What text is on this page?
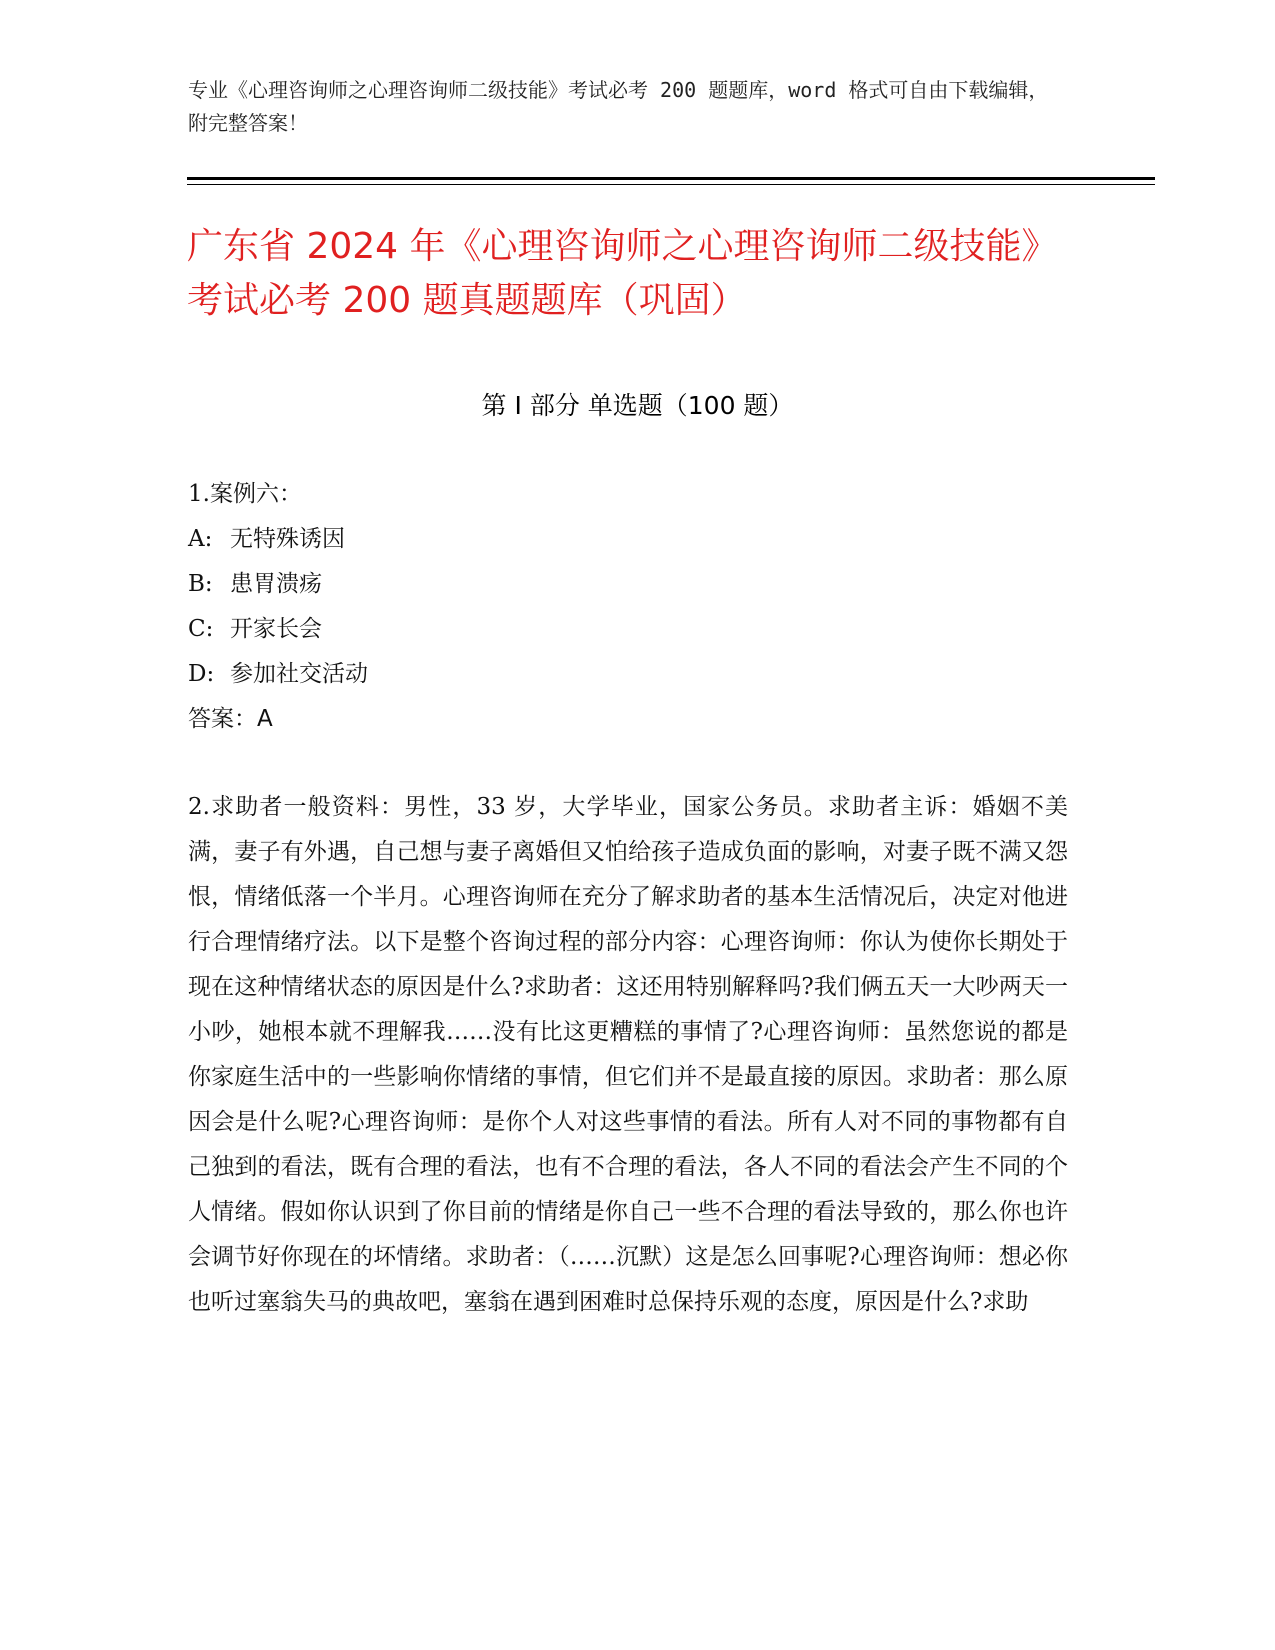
专业《心理咨询师之心理咨询师二级技能》考试必考 200 题题库，word 格式可自由下载编辑，附完整答案！
广东省 2024 年《心理咨询师之心理咨询师二级技能》考试必考 200 题真题题库（巩固）
第 I 部分 单选题（100 题）
1.案例六：
A: 无特殊诱因
B: 患胃溃疡
C: 开家长会
D: 参加社交活动
答案：A

2.求助者一般资料：男性，33 岁，大学毕业，国家公务员。求助者主诉：婚姻不美满，妻子有外遇，自己想与妻子离婚但又怕给孩子造成负面的影响，对妻子既不满又怨恨，情绪低落一个半月。心理咨询师在充分了解求助者的基本生活情况后，决定对他进行合理情绪疗法。以下是整个咨询过程的部分内容：心理咨询师：你认为使你长期处于现在这种情绪状态的原因是什么?求助者：这还用特别解释吗?我们俩五天一大吵两天一小吵，她根本就不理解我……没有比这更糟糕的事情了?心理咨询师：虽然您说的都是你家庭生活中的一些影响你情绪的事情，但它们并不是最直接的原因。求助者：那么原因会是什么呢?心理咨询师：是你个人对这些事情的看法。所有人对不同的事物都有自己独到的看法，既有合理的看法，也有不合理的看法，各人不同的看法会产生不同的个人情绪。假如你认识到了你目前的情绪是你自己一些不合理的看法导致的，那么你也许会调节好你现在的坏情绪。求助者：（……沉默）这是怎么回事呢?心理咨询师：想必你也听过塞翁失马的典故吧，塞翁在遇到困难时总保持乐观的态度，原因是什么?求助
